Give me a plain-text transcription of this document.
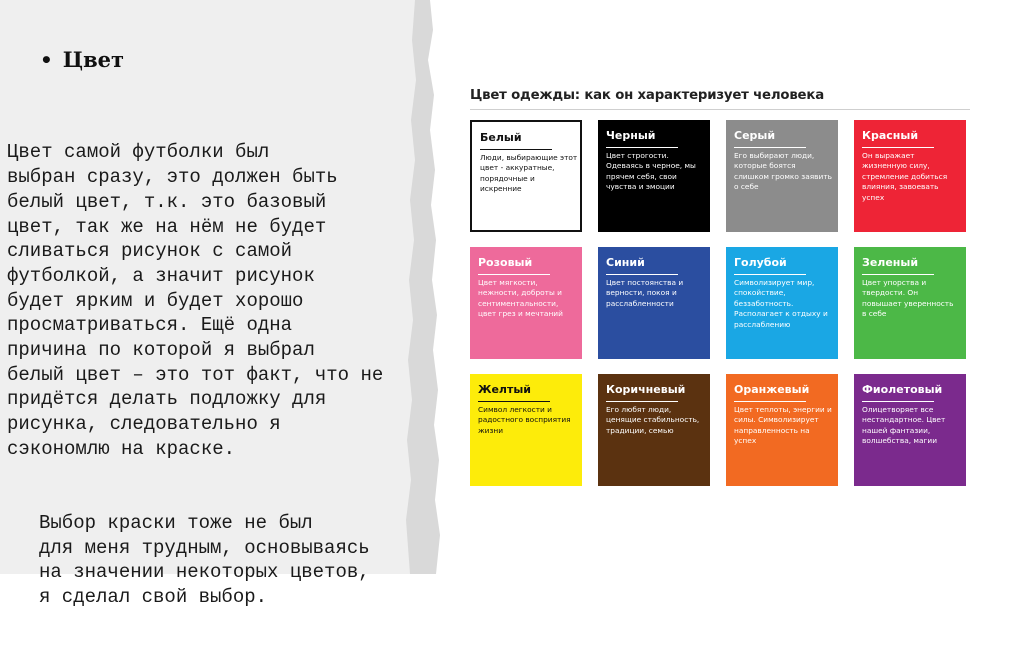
• Цвет

Цвет самой футболки был
выбран сразу, это должен быть
белый цвет, т.к. это базовый
цвет, так же на нём не будет
сливаться рисунок с самой
футболкой, а значит рисунок
будет ярким и будет хорошо
просматриваться. Ещё одна
причина по которой я выбрал
белый цвет – это тот факт, что не
придётся делать подложку для
рисунка, следовательно я
сэкономлю на краске.

Выбор краски тоже не был
для меня трудным, основываясь
на значении некоторых цветов,
я сделал свой выбор.

Цвет одежды: как он характеризует человека
Белый
Люди, выбирающие этот цвет - аккуратные, порядочные и искренние
Черный
Цвет строгости. Одеваясь в черное, мы прячем себя, свои чувства и эмоции
Серый
Его выбирают люди, которые боятся слишком громко заявить о себе
Красный
Он выражает жизненную силу, стремление добиться влияния, завоевать успех
Розовый
Цвет мягкости, нежности, доброты и сентиментальности, цвет грез и мечтаний
Синий
Цвет постоянства и верности, покоя и расслабленности
Голубой
Символизирует мир, спокойствие, беззаботность. Располагает к отдыху и расслаблению
Зеленый
Цвет упорства и твердости. Он повышает уверенность в себе
Желтый
Символ легкости и радостного восприятия жизни
Коричневый
Его любят люди, ценящие стабильность, традиции, семью
Оранжевый
Цвет теплоты, энергии и силы. Символизирует направленность на успех
Фиолетовый
Олицетворяет все нестандартное. Цвет нашей фантазии, волшебства, магии
